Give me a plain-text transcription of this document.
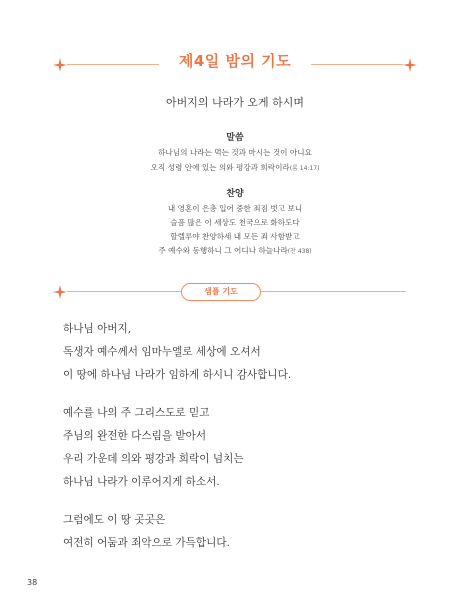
제4일 밤의 기도
아버지의 나라가 오게 하시며
말씀
하나님의 나라는 먹는 것과 마시는 것이 아니요
오직 성령 안에 있는 의와 평강과 희락이라(롬 14:17)
찬양
내 영혼이 은총 입어 중한 죄짐 벗고 보니
슬픔 많은 이 세상도 천국으로 화하도다
할렐루야 찬양하세 내 모든 죄 사함받고
주 예수와 동행하니 그 어디나 하늘나라(찬 438)
샘플 기도
하나님 아버지,
독생자 예수께서 임마누엘로 세상에 오셔서
이 땅에 하나님 나라가 임하게 하시니 감사합니다.
예수를 나의 주 그리스도로 믿고
주님의 완전한 다스림을 받아서
우리 가운데 의와 평강과 희락이 넘치는
하나님 나라가 이루어지게 하소서.
그럼에도 이 땅 곳곳은
여전히 어둠과 죄악으로 가득합니다.
38
